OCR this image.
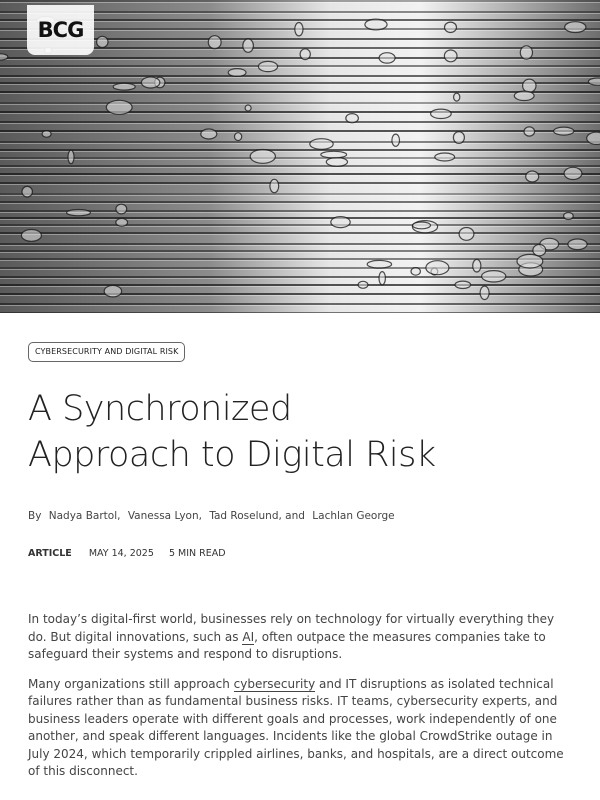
BCG
CYBERSECURITY AND DIGITAL RISK
A Synchronized
Approach to Digital Risk
By Nadya Bartol, Vanessa Lyon, Tad Roselund, and Lachlan George
ARTICLE MAY 14, 2025 5 MIN READ

In today’s digital-first world, businesses rely on technology for virtually everything they do. But digital innovations, such as AI, often outpace the measures companies take to safeguard their systems and respond to disruptions.

Many organizations still approach cybersecurity and IT disruptions as isolated technical failures rather than as fundamental business risks. IT teams, cybersecurity experts, and business leaders operate with different goals and processes, work independently of one another, and speak different languages. Incidents like the global CrowdStrike outage in July 2024, which temporarily crippled airlines, banks, and hospitals, are a direct outcome of this disconnect.
